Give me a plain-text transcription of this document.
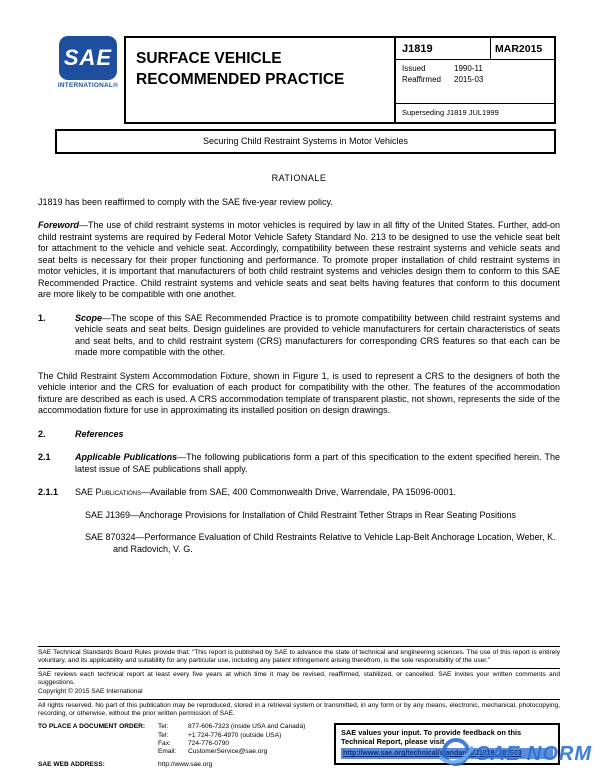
SAE
INTERNATIONAL®
SURFACE VEHICLE
RECOMMENDED PRACTICE
J1819	MAR2015
Issued	1990-11
Reaffirmed	2015-03
Superseding J1819 JUL1999
Securing Child Restraint Systems in Motor Vehicles
RATIONALE
J1819 has been reaffirmed to comply with the SAE five-year review policy.
Foreword—The use of child restraint systems in motor vehicles is required by law in all fifty of the United States. Further, add-on child restraint systems are required by Federal Motor Vehicle Safety Standard No. 213 to be designed to use the vehicle seat belt for attachment to the vehicle and vehicle seat. Accordingly, compatibility between these restraint systems and vehicle seats and seat belts is necessary for their proper functioning and performance. To promote proper installation of child restraint systems in motor vehicles, it is important that manufacturers of both child restraint systems and vehicles design them to conform to this SAE Recommended Practice. Child restraint systems and vehicle seats and seat belts having features that conform to this document are more likely to be compatible with one another.
1.	Scope—The scope of this SAE Recommended Practice is to promote compatibility between child restraint systems and vehicle seats and seat belts. Design guidelines are provided to vehicle manufacturers for certain characteristics of seats and seat belts, and to child restraint system (CRS) manufacturers for corresponding CRS features so that each can be made more compatible with the other.
The Child Restraint System Accommodation Fixture, shown in Figure 1, is used to represent a CRS to the designers of both the vehicle interior and the CRS for evaluation of each product for compatibility with the other. The features of the accommodation fixture are described as each is used. A CRS accommodation template of transparent plastic, not shown, represents the side of the accommodation fixture for use in approximating its installed position on design drawings.
2.	References
2.1	Applicable Publications—The following publications form a part of this specification to the extent specified herein. The latest issue of SAE publications shall apply.
2.1.1	SAE Publications—Available from SAE, 400 Commonwealth Drive, Warrendale, PA 15096-0001.
SAE J1369—Anchorage Provisions for Installation of Child Restraint Tether Straps in Rear Seating Positions
SAE 870324—Performance Evaluation of Child Restraints Relative to Vehicle Lap-Belt Anchorage Location, Weber, K. and Radovich, V. G.
SAE Technical Standards Board Rules provide that: “This report is published by SAE to advance the state of technical and engineering sciences. The use of this report is entirely voluntary, and its applicability and suitability for any particular use, including any patent infringement arising therefrom, is the sole responsibility of the user.”
SAE reviews each technical report at least every five years at which time it may be revised, reaffirmed, stabilized, or cancelled. SAE invites your written comments and suggestions.
Copyright © 2015 SAE International
All rights reserved. No part of this publication may be reproduced, stored in a retrieval system or transmitted, in any form or by any means, electronic, mechanical, photocopying, recording, or otherwise, without the prior written permission of SAE.
TO PLACE A DOCUMENT ORDER:	Tel:	877-606-7323 (inside USA and Canada)
Tel:	+1 724-776-4970 (outside USA)
Fax:	724-776-0790
Email:	CustomerService@sae.org
SAE WEB ADDRESS:	http://www.sae.org
SAE values your input. To provide feedback on this Technical Report, please visit
http://www.sae.org/technical/standards/J1819_201503
SAE NORM
